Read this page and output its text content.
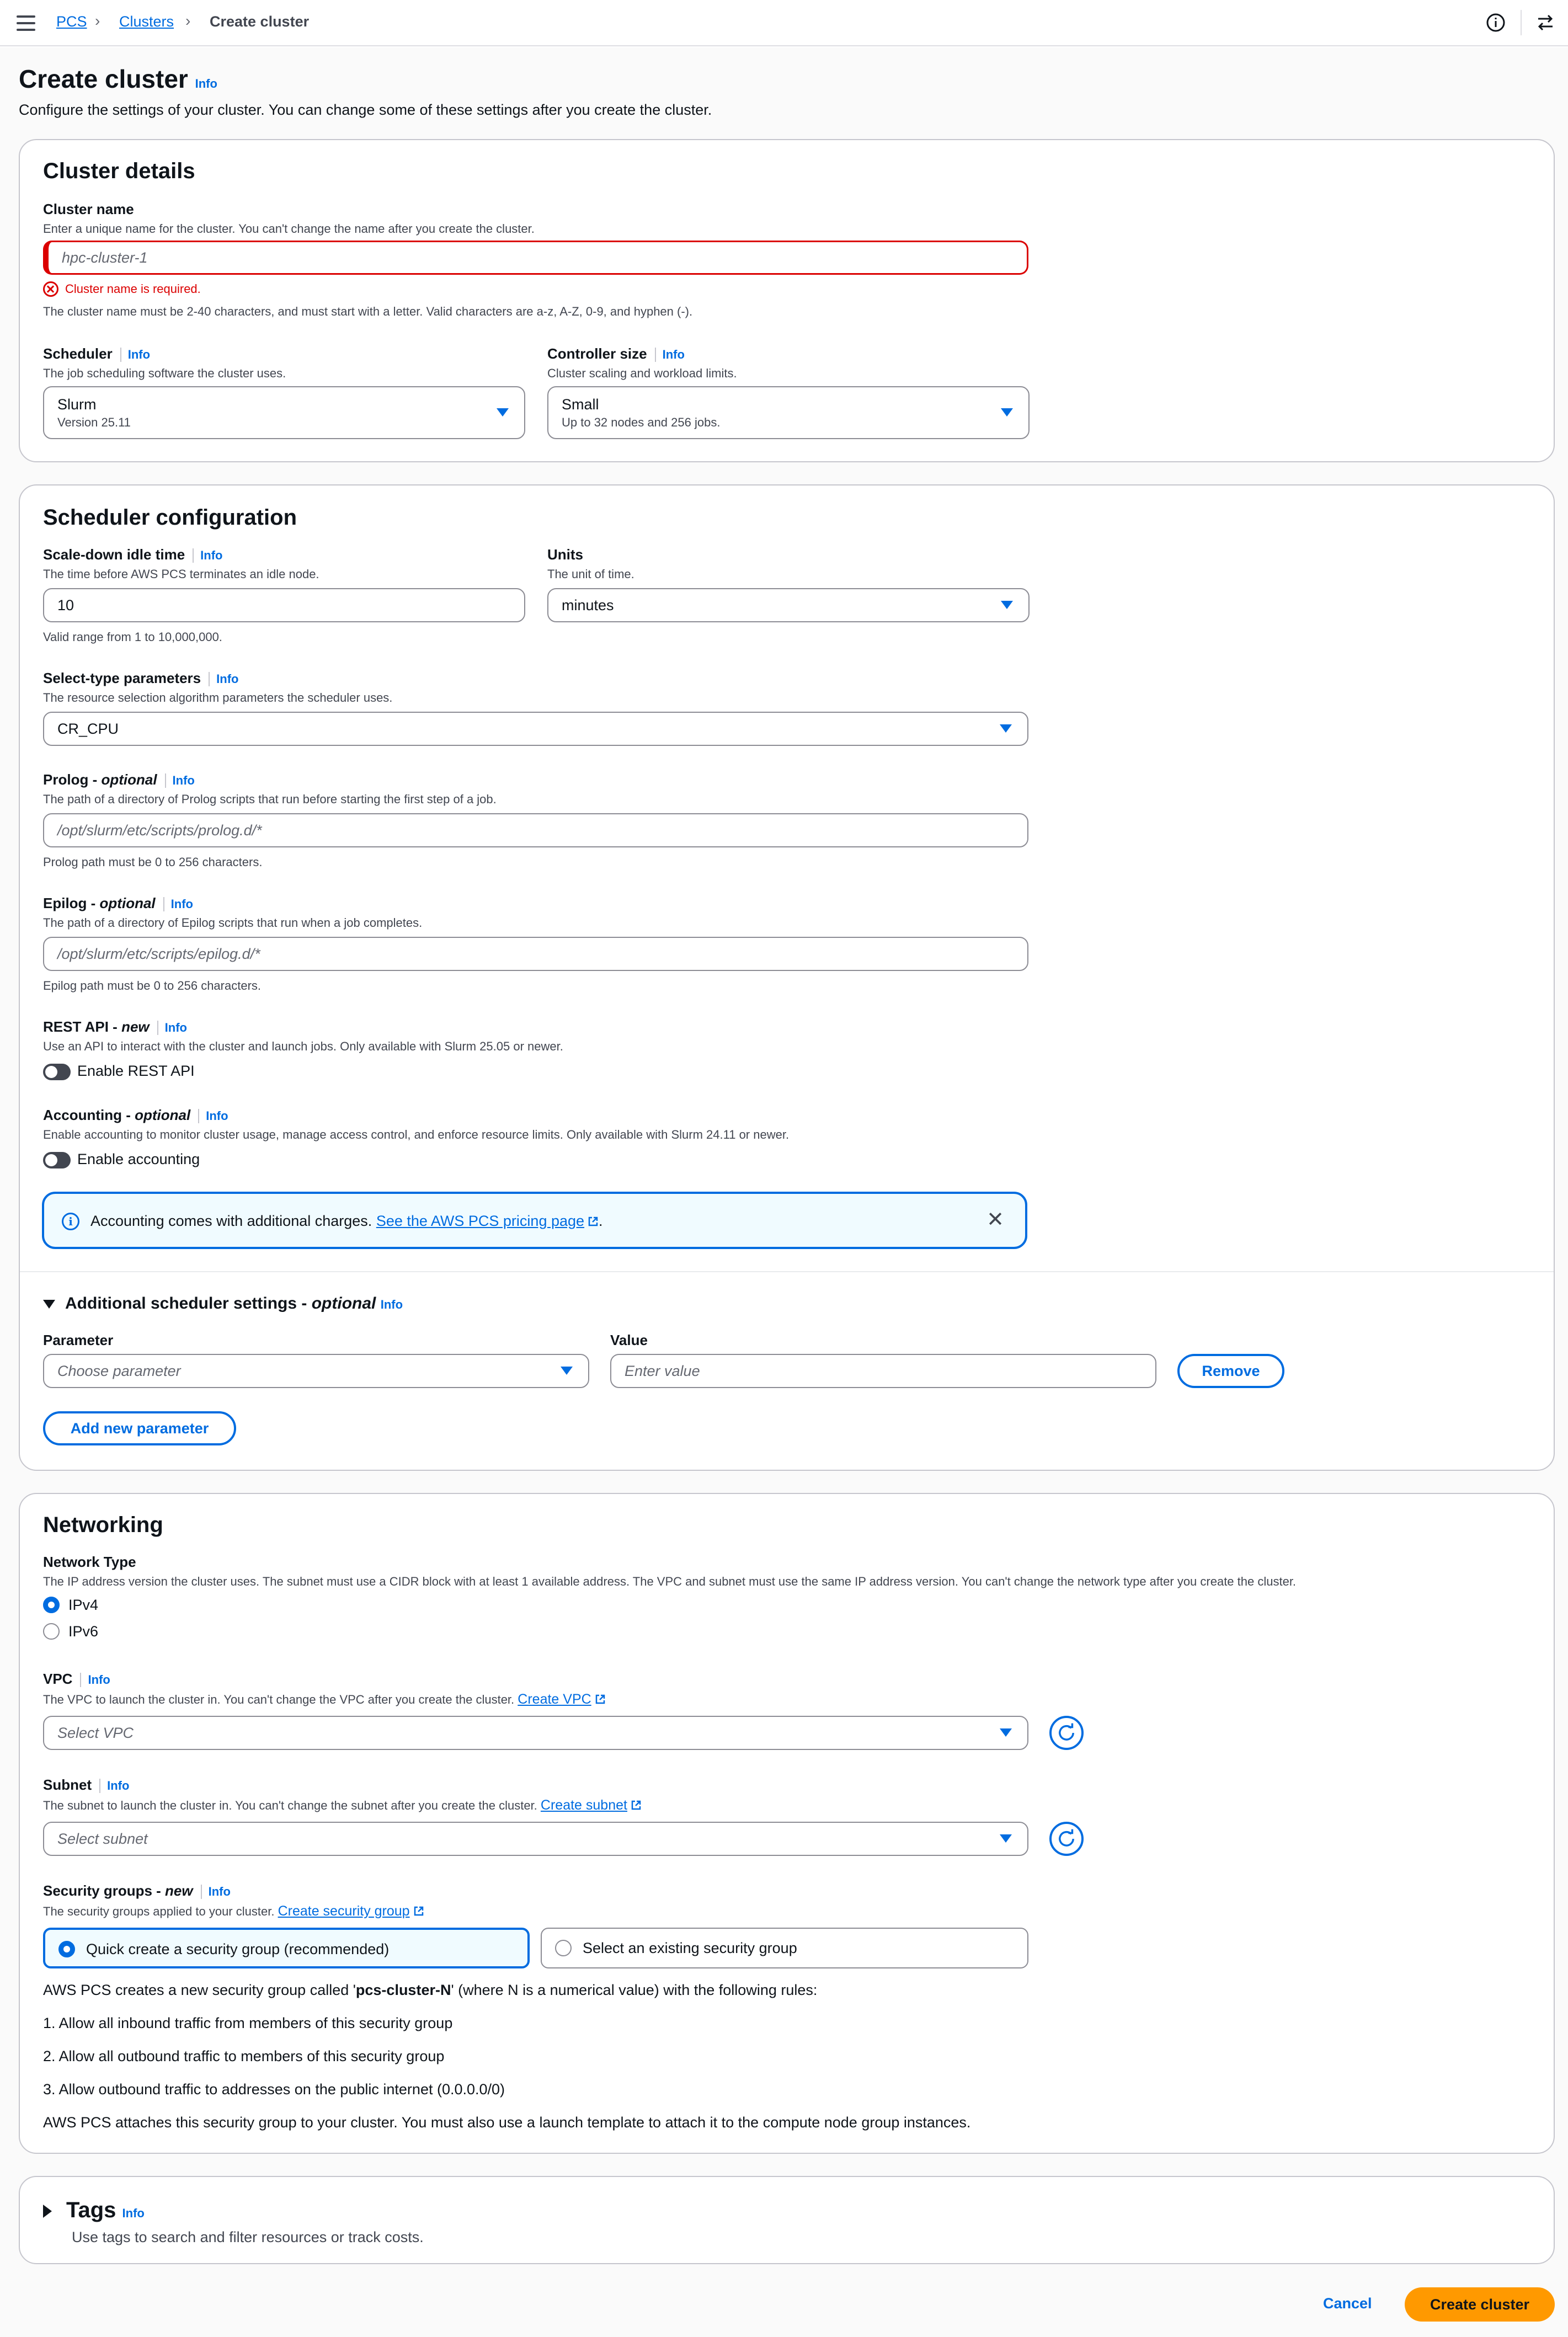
PCS › Clusters › Create cluster
Create cluster Info
Configure the settings of your cluster. You can change some of these settings after you create the cluster.
Cluster details
Cluster name
Enter a unique name for the cluster. You can't change the name after you create the cluster.
hpc-cluster-1
Cluster name is required.
The cluster name must be 2-40 characters, and must start with a letter. Valid characters are a-z, A-Z, 0-9, and hyphen (-).
Scheduler Info
The job scheduling software the cluster uses.
Slurm
Version 25.11
Controller size Info
Cluster scaling and workload limits.
Small
Up to 32 nodes and 256 jobs.
Scheduler configuration
Scale-down idle time Info
The time before AWS PCS terminates an idle node.
10
Valid range from 1 to 10,000,000.
Units
The unit of time.
minutes
Select-type parameters Info
The resource selection algorithm parameters the scheduler uses.
CR_CPU
Prolog - optional Info
The path of a directory of Prolog scripts that run before starting the first step of a job.
/opt/slurm/etc/scripts/prolog.d/*
Prolog path must be 0 to 256 characters.
Epilog - optional Info
The path of a directory of Epilog scripts that run when a job completes.
/opt/slurm/etc/scripts/epilog.d/*
Epilog path must be 0 to 256 characters.
REST API - new Info
Use an API to interact with the cluster and launch jobs. Only available with Slurm 25.05 or newer.
Enable REST API
Accounting - optional Info
Enable accounting to monitor cluster usage, manage access control, and enforce resource limits. Only available with Slurm 24.11 or newer.
Enable accounting
Additional scheduler settings - optional Info
Parameter
Choose parameter
Value
Enter value	Remove
Add new parameter
i	Accounting comes with additional charges. See the AWS PCS pricing page .	✕
Networking
Network Type
The IP address version the cluster uses. The subnet must use a CIDR block with at least 1 available address. The VPC and subnet must use the same IP address version. You can't change the network type after you create the cluster.
IPv4
IPv6
VPC Info
The VPC to launch the cluster in. You can't change the VPC after you create the cluster. Create VPC
Select VPC
Subnet Info
The subnet to launch the cluster in. You can't change the subnet after you create the cluster. Create subnet
Select subnet
Security groups - new Info
The security groups applied to your cluster. Create security group
Quick create a security group (recommended)	Select an existing security group
AWS PCS creates a new security group called 'pcs-cluster-N' (where N is a numerical value) with the following rules:
1. Allow all inbound traffic from members of this security group
2. Allow all outbound traffic to members of this security group
3. Allow outbound traffic to addresses on the public internet (0.0.0.0/0)
AWS PCS attaches this security group to your cluster. You must also use a launch template to attach it to the compute node group instances.
Tags Info
Use tags to search and filter resources or track costs.
Cancel	Create cluster
